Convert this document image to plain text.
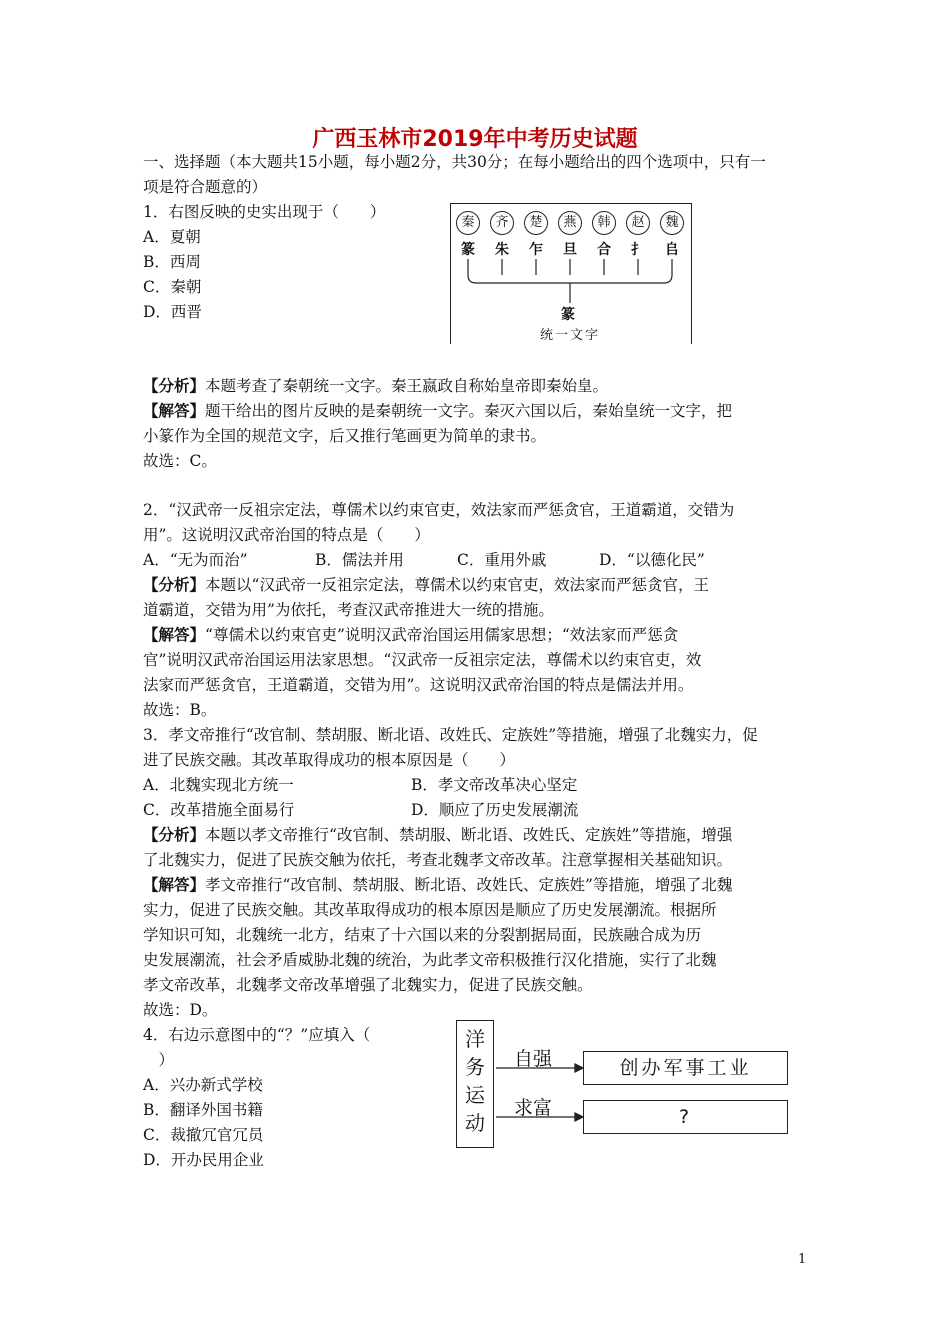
广西玉林市2019年中考历史试题
一、选择题（本大题共15小题，每小题2分，共30分；在每小题给出的四个选项中，只有一
项是符合题意的）
1．右图反映的史实出现于（　　）
A．夏朝
B．西周
C．秦朝
D．西晋
秦	齐	楚	燕	韩	赵	魏
篆	朱	乍	旦	合	扌	𠂤
篆
统一文字
【分析】本题考查了秦朝统一文字。秦王嬴政自称始皇帝即秦始皇。
【解答】题干给出的图片反映的是秦朝统一文字。秦灭六国以后，秦始皇统一文字，把
小篆作为全国的规范文字，后又推行笔画更为简单的隶书。
故选：C。
2．“汉武帝一反祖宗定法，尊儒术以约束官吏，效法家而严惩贪官，王道霸道，交错为
用”。这说明汉武帝治国的特点是（　　）
A．“无为而治”	B．儒法并用	C．重用外戚	D．“以德化民”
【分析】本题以“汉武帝一反祖宗定法，尊儒术以约束官吏，效法家而严惩贪官，王
道霸道，交错为用”为依托，考查汉武帝推进大一统的措施。
【解答】“尊儒术以约束官吏”说明汉武帝治国运用儒家思想；“效法家而严惩贪
官”说明汉武帝治国运用法家思想。“汉武帝一反祖宗定法，尊儒术以约束官吏，效
法家而严惩贪官，王道霸道，交错为用”。这说明汉武帝治国的特点是儒法并用。
故选：B。
3．孝文帝推行“改官制、禁胡服、断北语、改姓氏、定族姓”等措施，增强了北魏实力，促
进了民族交融。其改革取得成功的根本原因是（　　）
A．北魏实现北方统一	B．孝文帝改革决心坚定
C．改革措施全面易行	D．顺应了历史发展潮流
【分析】本题以孝文帝推行“改官制、禁胡服、断北语、改姓氏、定族姓”等措施，增强
了北魏实力，促进了民族交触为依托，考查北魏孝文帝改革。注意掌握相关基础知识。
【解答】孝文帝推行“改官制、禁胡服、断北语、改姓氏、定族姓”等措施，增强了北魏
实力，促进了民族交触。其改革取得成功的根本原因是顺应了历史发展潮流。根据所
学知识可知，北魏统一北方，结束了十六国以来的分裂割据局面，民族融合成为历
史发展潮流，社会矛盾威胁北魏的统治，为此孝文帝积极推行汉化措施，实行了北魏
孝文帝改革，北魏孝文帝改革增强了北魏实力，促进了民族交触。
故选：D。
4．右边示意图中的“？”应填入（
　）
A．兴办新式学校
B．翻译外国书籍
C．裁撤冗官冗员
D．开办民用企业
洋务运动
自强
求富
创办军事工业
?
1
